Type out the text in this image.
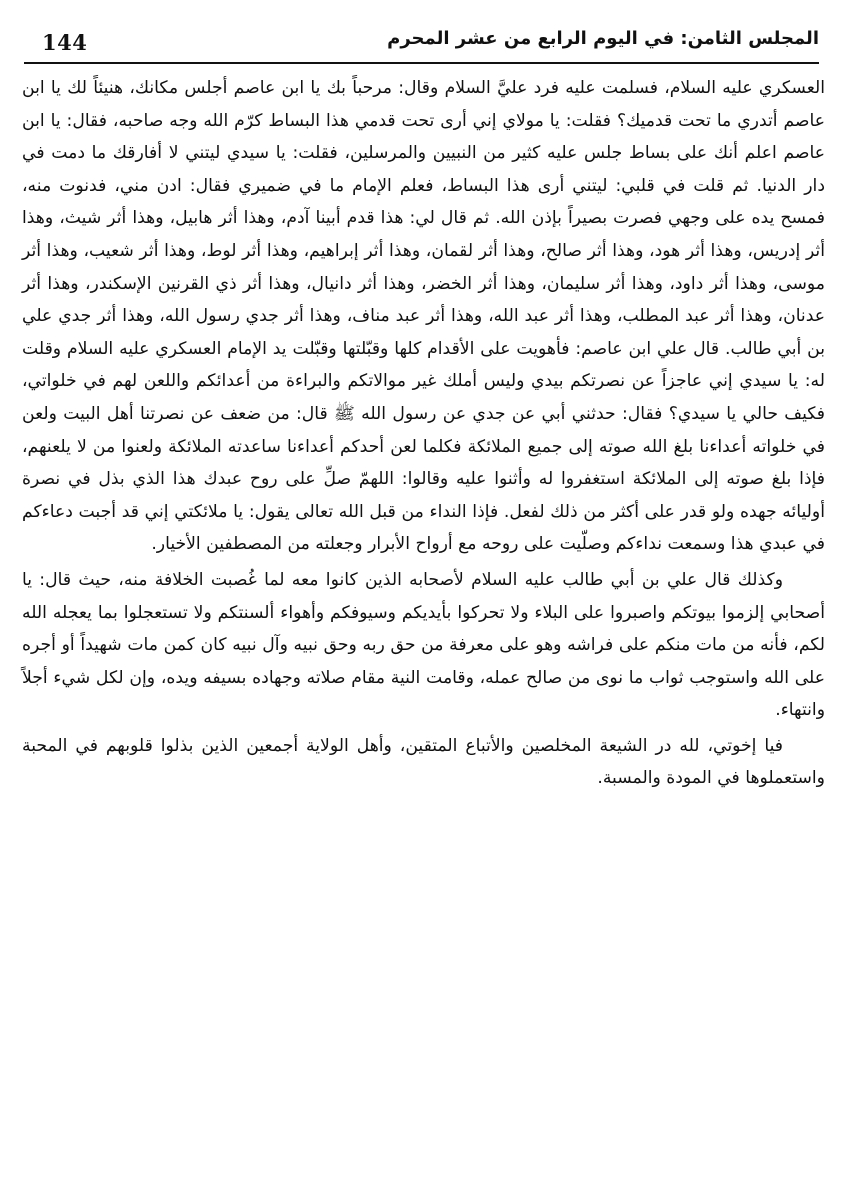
144	المجلس الثامن: في اليوم الرابع من عشر المحرم

العسكري عليه السلام، فسلمت عليه فرد عليَّ السلام وقال: مرحباً بك يا ابن عاصم أجلس مكانك، هنيئاً لك يا ابن عاصم أتدري ما تحت قدميك؟ فقلت: يا مولاي إني أرى تحت قدمي هذا البساط كرّم الله وجه صاحبه، فقال: يا ابن عاصم اعلم أنك على بساط جلس عليه كثير من النبيين والمرسلين، فقلت: يا سيدي ليتني لا أفارقك ما دمت في دار الدنيا. ثم قلت في قلبي: ليتني أرى هذا البساط، فعلم الإمام ما في ضميري فقال: ادن مني، فدنوت منه، فمسح يده على وجهي فصرت بصيراً بإذن الله. ثم قال لي: هذا قدم أبينا آدم، وهذا أثر هابيل، وهذا أثر شيث، وهذا أثر إدريس، وهذا أثر هود، وهذا أثر صالح، وهذا أثر لقمان، وهذا أثر إبراهيم، وهذا أثر لوط، وهذا أثر شعيب، وهذا أثر موسى، وهذا أثر داود، وهذا أثر سليمان، وهذا أثر الخضر، وهذا أثر دانيال، وهذا أثر ذي القرنين الإسكندر، وهذا أثر عدنان، وهذا أثر عبد المطلب، وهذا أثر عبد الله، وهذا أثر عبد مناف، وهذا أثر جدي رسول الله، وهذا أثر جدي علي بن أبي طالب. قال علي ابن عاصم: فأهويت على الأقدام كلها وقبّلتها وقبّلت يد الإمام العسكري عليه السلام وقلت له: يا سيدي إني عاجزاً عن نصرتكم بيدي وليس أملك غير موالاتكم والبراءة من أعدائكم واللعن لهم في خلواتي، فكيف حالي يا سيدي؟ فقال: حدثني أبي عن جدي عن رسول الله ﷺ قال: من ضعف عن نصرتنا أهل البيت ولعن في خلواته أعداءنا بلغ الله صوته إلى جميع الملائكة فكلما لعن أحدكم أعداءنا ساعدته الملائكة ولعنوا من لا يلعنهم، فإذا بلغ صوته إلى الملائكة استغفروا له وأثنوا عليه وقالوا: اللهمّ صلِّ على روح عبدك هذا الذي بذل في نصرة أوليائه جهده ولو قدر على أكثر من ذلك لفعل. فإذا النداء من قبل الله تعالى يقول: يا ملائكتي إني قد أجبت دعاءكم في عبدي هذا وسمعت نداءكم وصلّيت على روحه مع أرواح الأبرار وجعلته من المصطفين الأخيار.

وكذلك قال علي بن أبي طالب عليه السلام لأصحابه الذين كانوا معه لما غُصبت الخلافة منه، حيث قال: يا أصحابي إلزموا بيوتكم واصبروا على البلاء ولا تحركوا بأيديكم وسيوفكم وأهواء ألسنتكم ولا تستعجلوا بما يعجله الله لكم، فأنه من مات منكم على فراشه وهو على معرفة من حق ربه وحق نبيه وآل نبيه كان كمن مات شهيداً أو أجره على الله واستوجب ثواب ما نوى من صالح عمله، وقامت النية مقام صلاته وجهاده بسيفه ويده، وإن لكل شيء أجلاً وانتهاء.

فيا إخوتي، لله در الشيعة المخلصين والأتباع المتقين، وأهل الولاية أجمعين الذين بذلوا قلوبهم في المحبة واستعملوها في المودة والمسبة.
